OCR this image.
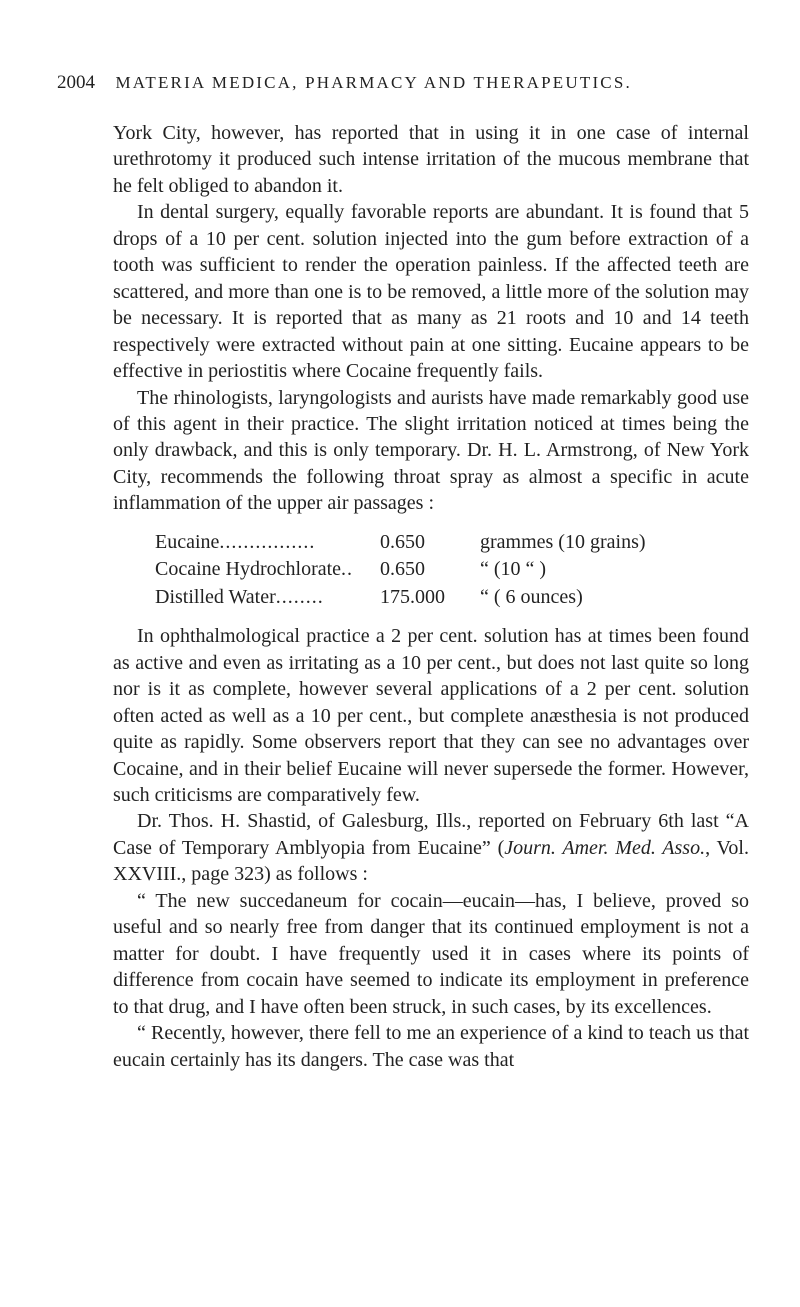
2004 MATERIA MEDICA, PHARMACY AND THERAPEUTICS.

York City, however, has reported that in using it in one case of internal urethrotomy it produced such intense irritation of the mucous membrane that he felt obliged to abandon it.

In dental surgery, equally favorable reports are abundant. It is found that 5 drops of a 10 per cent. solution injected into the gum before extraction of a tooth was sufficient to render the operation painless. If the affected teeth are scattered, and more than one is to be removed, a little more of the solution may be necessary. It is reported that as many as 21 roots and 10 and 14 teeth respectively were extracted without pain at one sitting. Eucaine appears to be effective in periostitis where Cocaine frequently fails.

The rhinologists, laryngologists and aurists have made remarkably good use of this agent in their practice. The slight irritation noticed at times being the only drawback, and this is only temporary. Dr. H. L. Armstrong, of New York City, recommends the following throat spray as almost a specific in acute inflammation of the upper air passages :

Eucaine................	0.650	grammes (10 grains)
Cocaine Hydrochlorate..	0.650	“ (10 “ )
Distilled Water........	175.000	“ ( 6 ounces)

In ophthalmological practice a 2 per cent. solution has at times been found as active and even as irritating as a 10 per cent., but does not last quite so long nor is it as complete, however several applications of a 2 per cent. solution often acted as well as a 10 per cent., but complete anæsthesia is not produced quite as rapidly. Some observers report that they can see no advantages over Cocaine, and in their belief Eucaine will never supersede the former. However, such criticisms are comparatively few.

Dr. Thos. H. Shastid, of Galesburg, Ills., reported on February 6th last “A Case of Temporary Amblyopia from Eucaine” (Journ. Amer. Med. Asso., Vol. XXVIII., page 323) as follows :

“ The new succedaneum for cocain—eucain—has, I believe, proved so useful and so nearly free from danger that its continued employment is not a matter for doubt. I have frequently used it in cases where its points of difference from cocain have seemed to indicate its employment in preference to that drug, and I have often been struck, in such cases, by its excellences.

“ Recently, however, there fell to me an experience of a kind to teach us that eucain certainly has its dangers. The case was that
